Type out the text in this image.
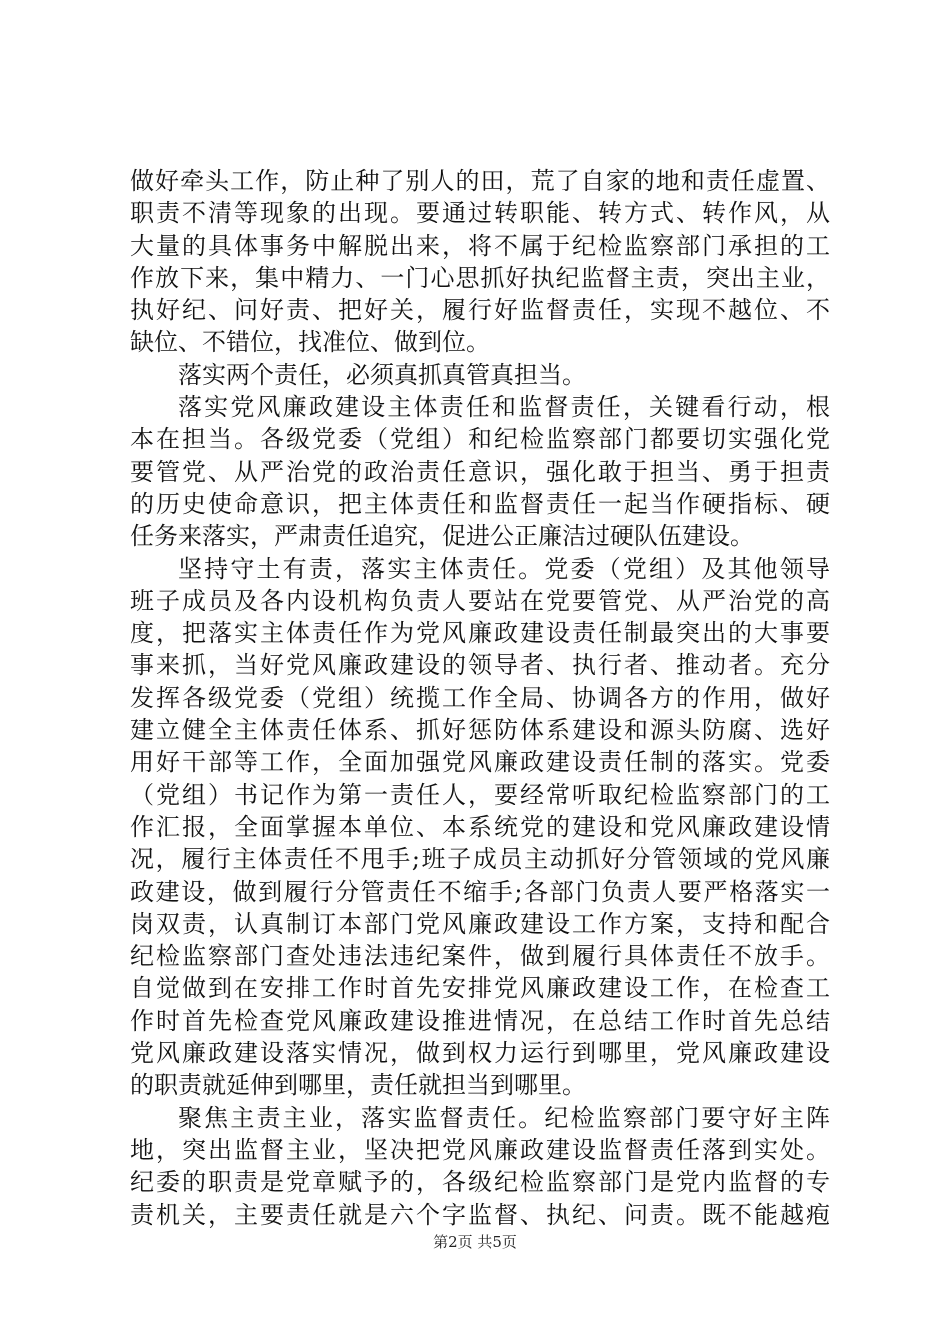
做好牵头工作，防止种了别人的田，荒了自家的地和责任虚置、
职责不清等现象的出现。要通过转职能、转方式、转作风，从
大量的具体事务中解脱出来，将不属于纪检监察部门承担的工
作放下来，集中精力、一门心思抓好执纪监督主责，突出主业，
执好纪、问好责、把好关，履行好监督责任，实现不越位、不
缺位、不错位，找准位、做到位。
落实两个责任，必须真抓真管真担当。
落实党风廉政建设主体责任和监督责任，关键看行动，根
本在担当。各级党委（党组）和纪检监察部门都要切实强化党
要管党、从严治党的政治责任意识，强化敢于担当、勇于担责
的历史使命意识，把主体责任和监督责任一起当作硬指标、硬
任务来落实，严肃责任追究，促进公正廉洁过硬队伍建设。
坚持守土有责，落实主体责任。党委（党组）及其他领导
班子成员及各内设机构负责人要站在党要管党、从严治党的高
度，把落实主体责任作为党风廉政建设责任制最突出的大事要
事来抓，当好党风廉政建设的领导者、执行者、推动者。充分
发挥各级党委（党组）统揽工作全局、协调各方的作用，做好
建立健全主体责任体系、抓好惩防体系建设和源头防腐、选好
用好干部等工作，全面加强党风廉政建设责任制的落实。党委
（党组）书记作为第一责任人，要经常听取纪检监察部门的工
作汇报，全面掌握本单位、本系统党的建设和党风廉政建设情
况，履行主体责任不甩手;班子成员主动抓好分管领域的党风廉
政建设，做到履行分管责任不缩手;各部门负责人要严格落实一
岗双责，认真制订本部门党风廉政建设工作方案，支持和配合
纪检监察部门查处违法违纪案件，做到履行具体责任不放手。
自觉做到在安排工作时首先安排党风廉政建设工作，在检查工
作时首先检查党风廉政建设推进情况，在总结工作时首先总结
党风廉政建设落实情况，做到权力运行到哪里，党风廉政建设
的职责就延伸到哪里，责任就担当到哪里。
聚焦主责主业，落实监督责任。纪检监察部门要守好主阵
地，突出监督主业，坚决把党风廉政建设监督责任落到实处。
纪委的职责是党章赋予的，各级纪检监察部门是党内监督的专
责机关，主要责任就是六个字监督、执纪、问责。既不能越疱
第2页 共5页
